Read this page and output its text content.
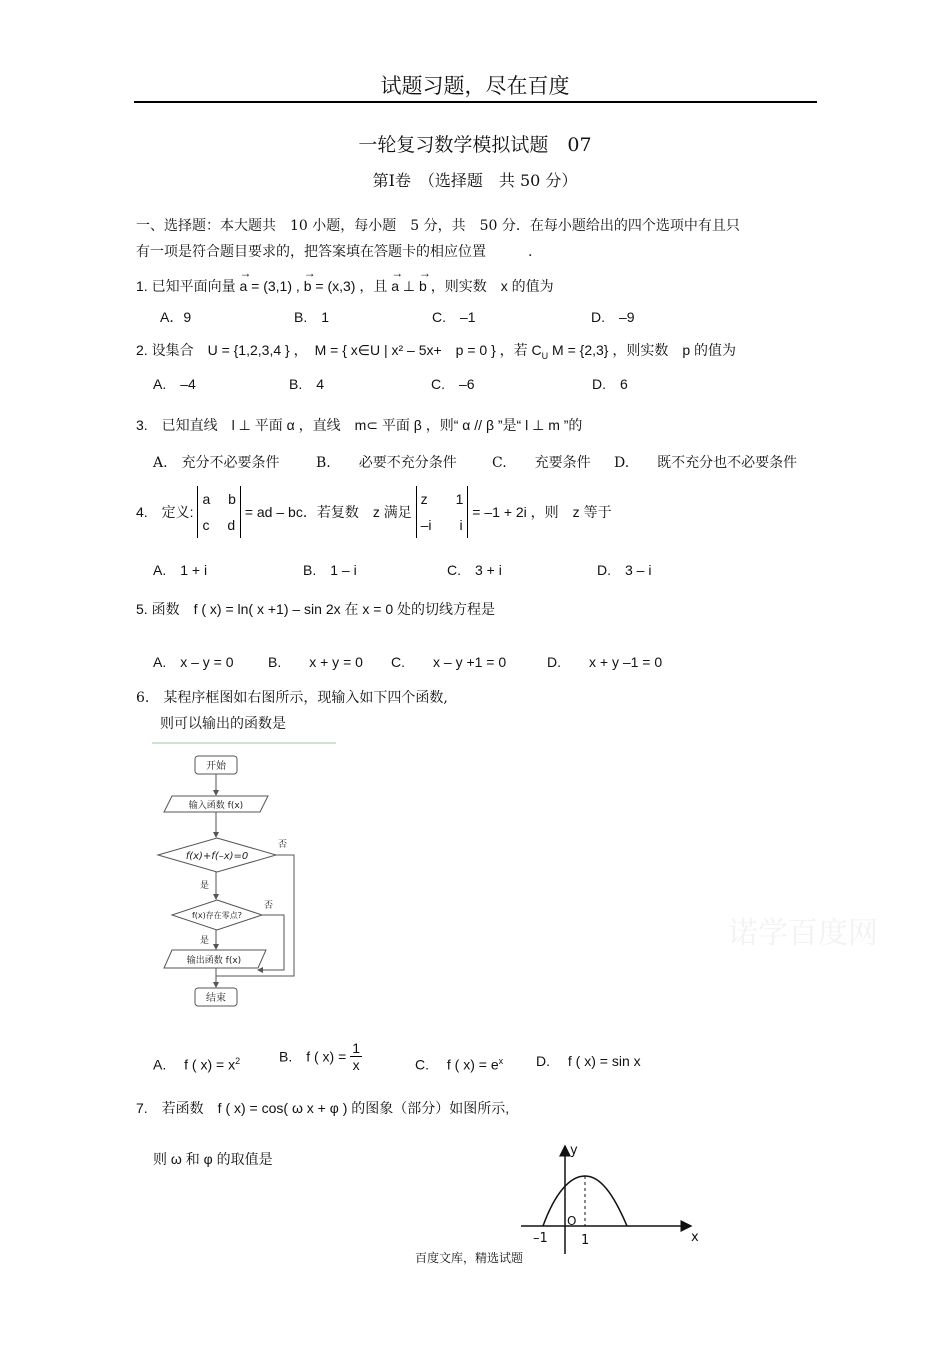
试题习题，尽在百度
一轮复习数学模拟试题　07
第Ⅰ卷　（选择题　共 50 分）
一、选择题：本大题共　10 小题，每小题　5 分，共　50 分．在每小题给出的四个选项中有且只
有一项是符合题目要求的，把答案填在答题卡的相应位置　　　.
1. 已知平面向量 → a = (3,1) , → b = (x,3) ，且 → a ⊥ → b ，则实数　x 的值为
A．9	B.　1	C.　–1	D.　–9
2. 设集合　U = {1,2,3,4 } ，　M = { x∈U | x² – 5x+　p = 0 } ，若 $C_U$ M = {2,3} ，则实数　p 的值为
A.　–4	B.　4	C.　–6	D.　6
3.　已知直线　l ⊥ 平面 α ，直线　m⊂ 平面 β ，则“ α // β ”是“ l ⊥ m ”的
A.　充分不必要条件	B.　　必要不充分条件	C.　　充要条件 D.　　既不充分也不必要条件
4.　定义:
a　 b
c　 d
= ad – bc．若复数　z 满足
z　　1
–i　　i
= –1 + 2i ，则　z 等于
A.　1 + i	B.　1 – i	C.　3 + i	D.　3 – i
5. 函数　f ( x) = ln( x +1) – sin 2x 在 x = 0 处的切线方程是
A.　x – y = 0 B.　　x + y = 0 C.　　x – y +1 = 0	D.　　x + y –1 = 0
6.　某程序框图如右图所示，现输入如下四个函数,
则可以输出的函数是
开始
输入函数 f(x)
f(x)+f(–x)=0
f(x)存在零点?
输出函数 f(x)
结束
是
是
否
否
A.　 f ( $x) = x^2$	B.　f ( $x) = \frac{1}{x}$	C.　 f ( $x) = e^x$ D.　 f ( x) = sin x
7.　若函数　f ( x) = cos( ω x + φ ) 的图象（部分）如图所示,
则 ω 和 φ 的取值是
y
x
O
–1	1
诺学百度网
百度文库，精选试题
